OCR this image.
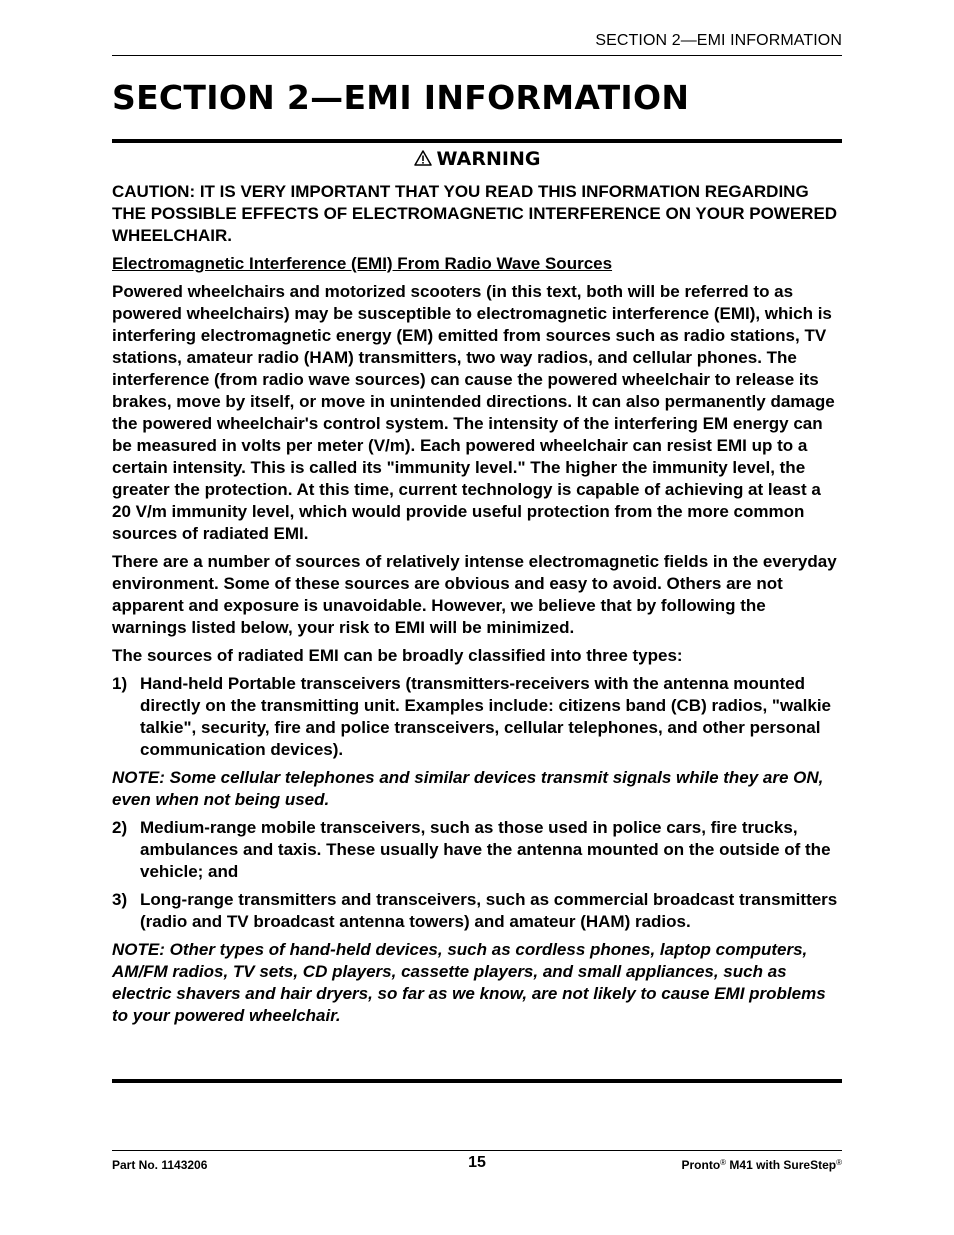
SECTION 2—EMI INFORMATION
SECTION 2—EMI INFORMATION
WARNING

CAUTION: IT IS VERY IMPORTANT THAT YOU READ THIS INFORMATION REGARDING THE POSSIBLE EFFECTS OF ELECTROMAGNETIC INTERFERENCE ON YOUR POWERED WHEELCHAIR.

Electromagnetic Interference (EMI) From Radio Wave Sources

Powered wheelchairs and motorized scooters (in this text, both will be referred to as powered wheelchairs) may be susceptible to electromagnetic interference (EMI), which is interfering electromagnetic energy (EM) emitted from sources such as radio stations, TV stations, amateur radio (HAM) transmitters, two way radios, and cellular phones. The interference (from radio wave sources) can cause the powered wheelchair to release its brakes, move by itself, or move in unintended directions. It can also permanently damage the powered wheelchair's control system. The intensity of the interfering EM energy can be measured in volts per meter (V/m). Each powered wheelchair can resist EMI up to a certain intensity. This is called its "immunity level." The higher the immunity level, the greater the protection. At this time, current technology is capable of achieving at least a 20 V/m immunity level, which would provide useful protection from the more common sources of radiated EMI.

There are a number of sources of relatively intense electromagnetic fields in the everyday environment. Some of these sources are obvious and easy to avoid. Others are not apparent and exposure is unavoidable. However, we believe that by following the warnings listed below, your risk to EMI will be minimized.

The sources of radiated EMI can be broadly classified into three types:

1) Hand-held Portable transceivers (transmitters-receivers with the antenna mounted directly on the transmitting unit. Examples include: citizens band (CB) radios, "walkie talkie", security, fire and police transceivers, cellular telephones, and other personal communication devices).

NOTE: Some cellular telephones and similar devices transmit signals while they are ON, even when not being used.

2) Medium-range mobile transceivers, such as those used in police cars, fire trucks, ambulances and taxis. These usually have the antenna mounted on the outside of the vehicle; and
3) Long-range transmitters and transceivers, such as commercial broadcast transmitters (radio and TV broadcast antenna towers) and amateur (HAM) radios.

NOTE: Other types of hand-held devices, such as cordless phones, laptop computers, AM/FM radios, TV sets, CD players, cassette players, and small appliances, such as electric shavers and hair dryers, so far as we know, are not likely to cause EMI problems to your powered wheelchair.

Part No. 1143206	15	Pronto® M41 with SureStep®
